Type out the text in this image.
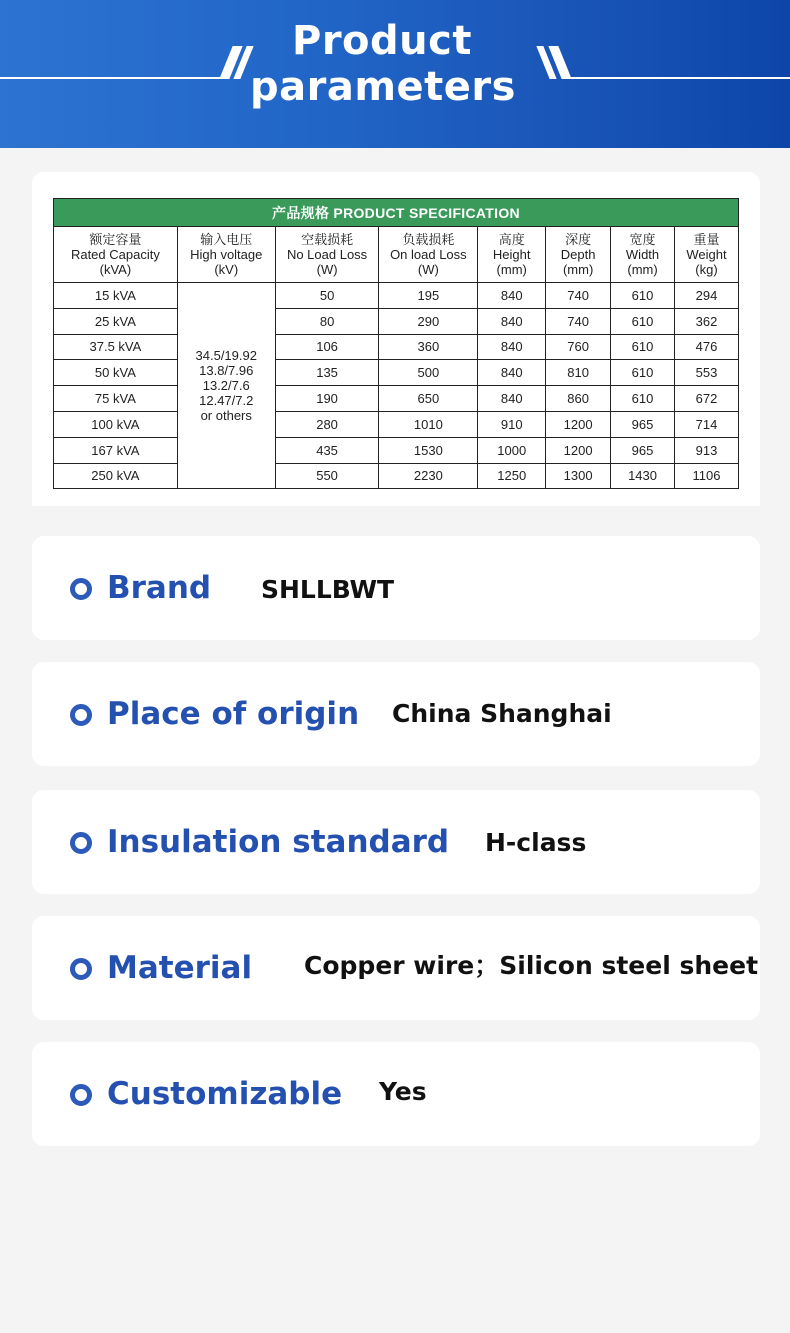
Product
parameters
产品规格 PRODUCT SPECIFICATION							

额定容量
Rated Capacity
(kVA)	输入电压
High voltage
(kV)	空载损耗
No Load Loss
(W)	负载损耗
On load Loss
(W)	高度
Height
(mm)	深度
Depth
(mm)	宽度
Width
(mm)	重量
Weight
(kg)

15 kVA	34.5/19.92
13.8/7.96
13.2/7.6
12.47/7.2
or others	50	195	840	740	610	294
25 kVA		80	290	840	740	610	362
37.5 kVA		106	360	840	760	610	476
50 kVA		135	500	840	810	610	553
75 kVA		190	650	840	860	610	672
100 kVA		280	1010	910	1200	965	714
167 kVA		435	1530	1000	1200	965	913
250 kVA		550	2230	1250	1300	1430	1106
Brand SHLLBWT
Place of origin China Shanghai
Insulation standard H-class
Material Copper wire；Silicon steel sheet
Customizable Yes
